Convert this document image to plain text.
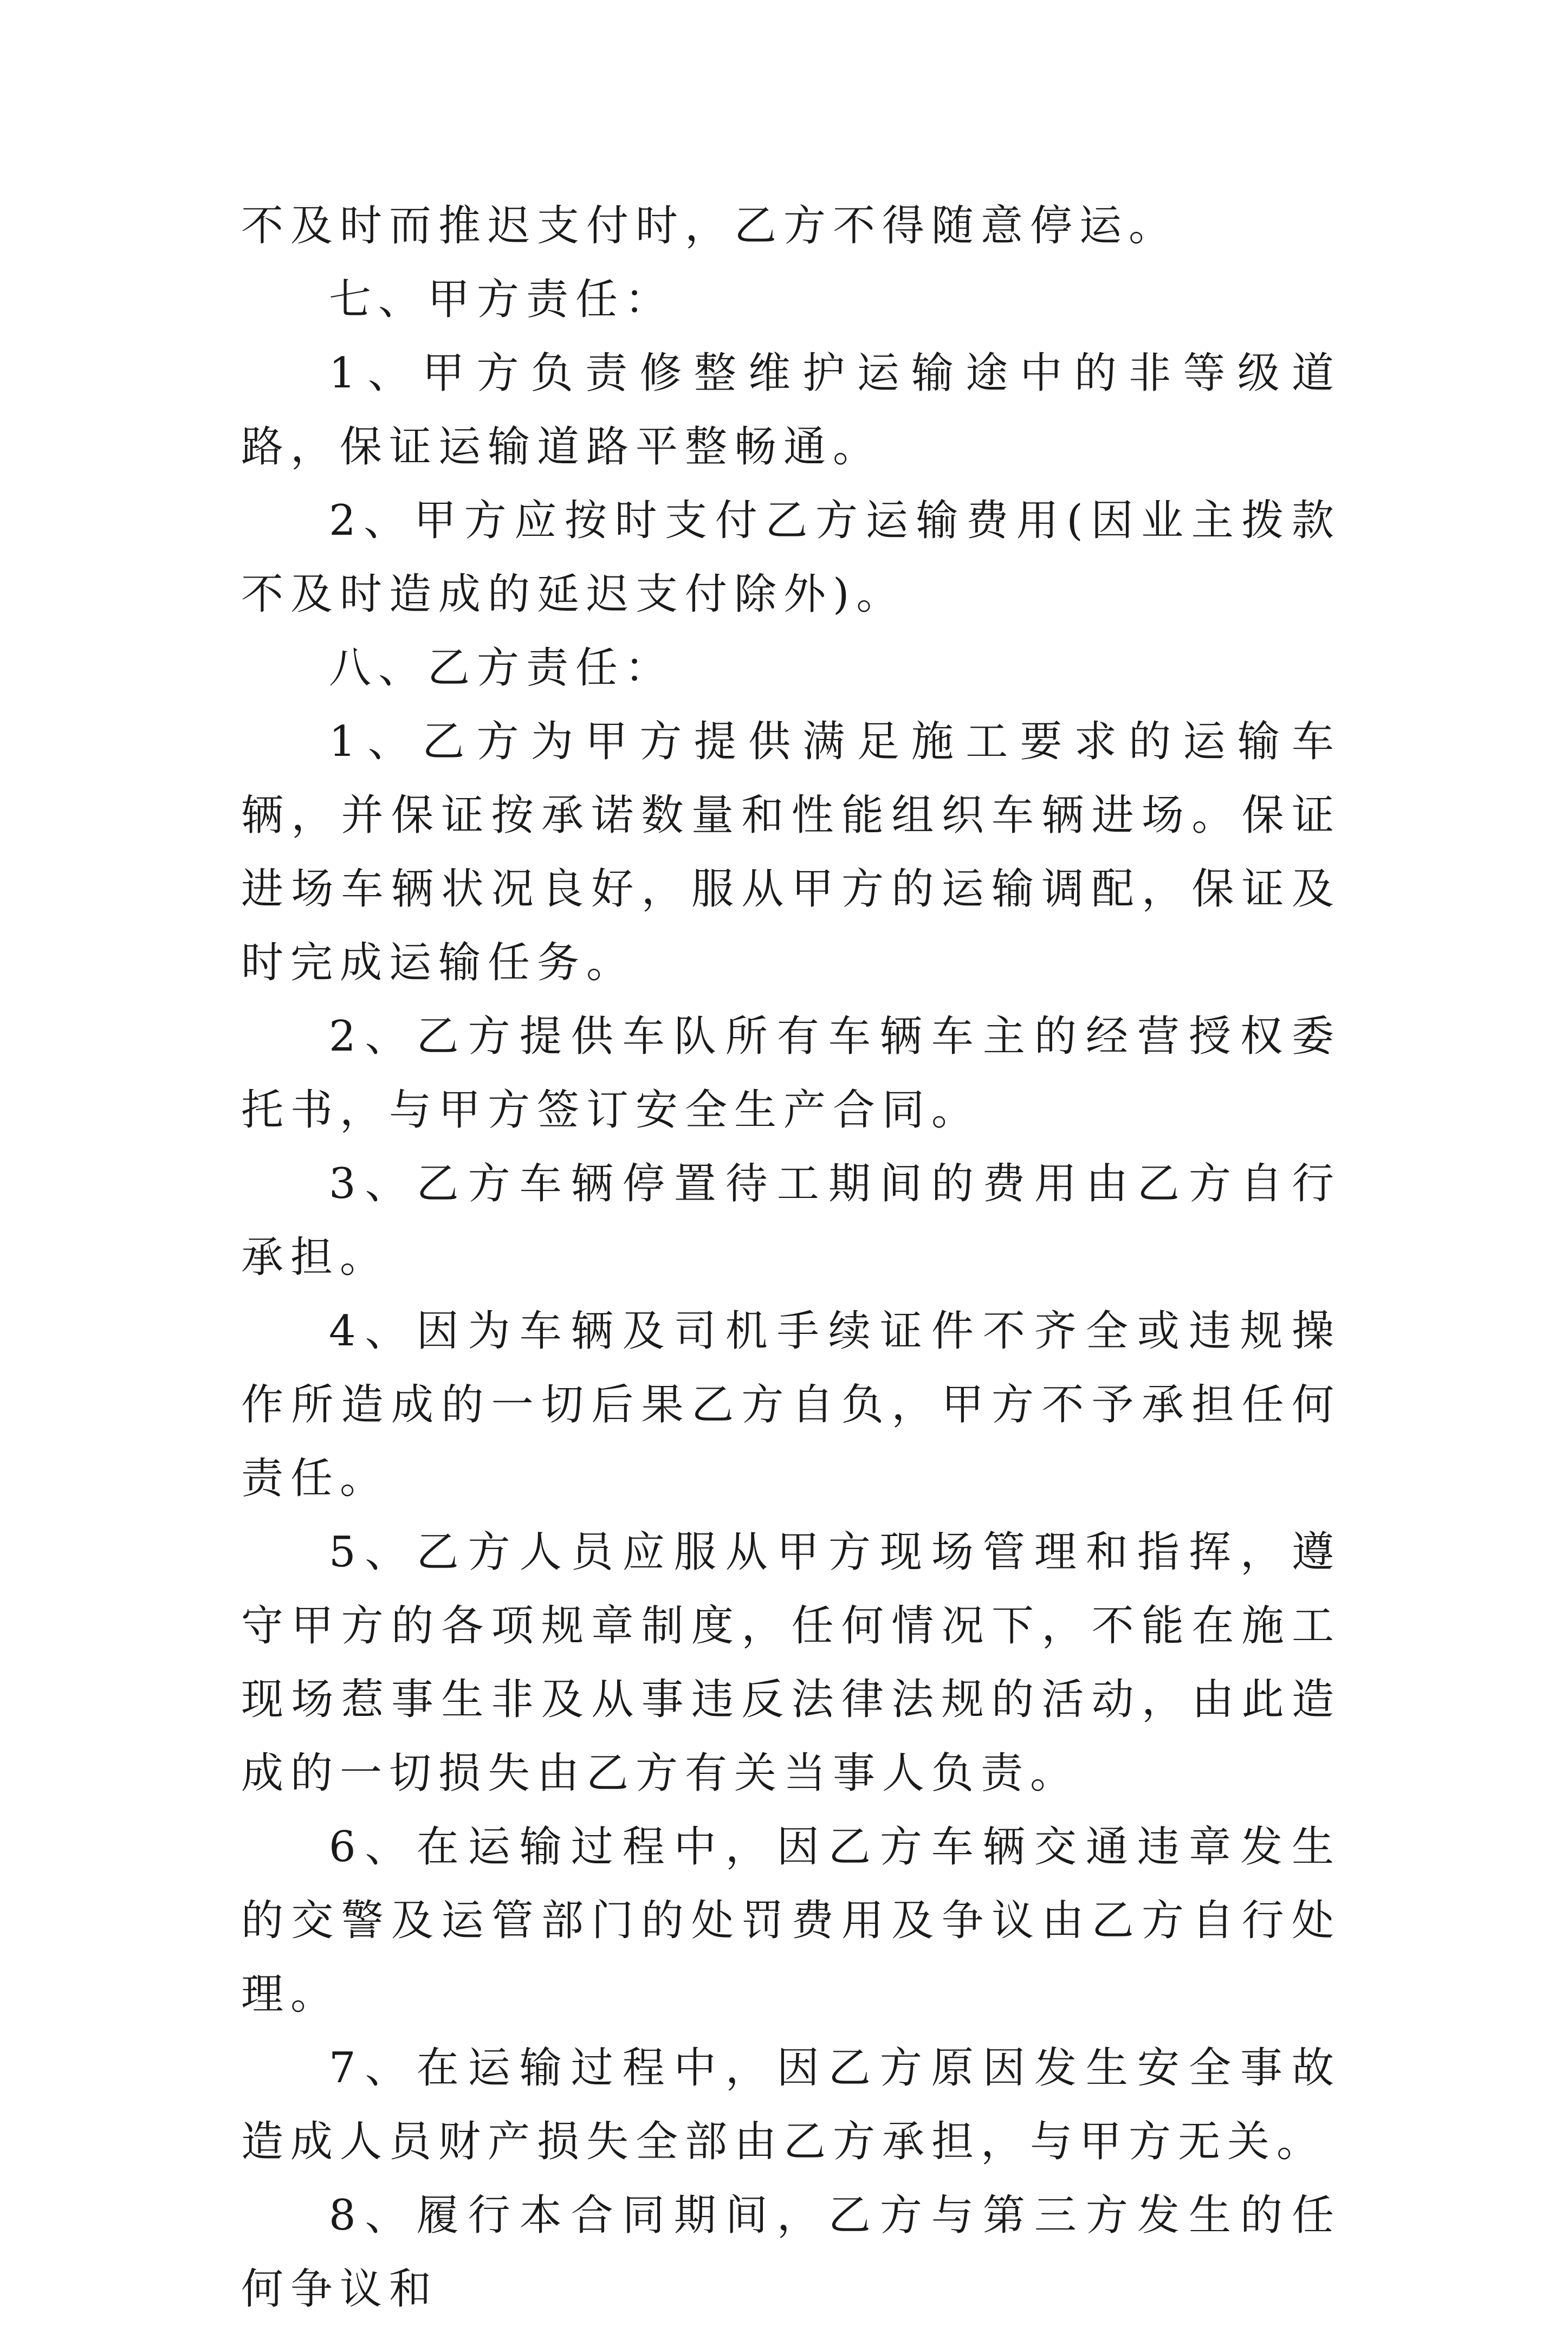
不及时而推迟支付时，乙方不得随意停运。

七、甲方责任：

1、甲方负责修整维护运输途中的非等级道路，保证运输道路平整畅通。

2、甲方应按时支付乙方运输费用(因业主拨款不及时造成的延迟支付除外)。

八、乙方责任：

1、乙方为甲方提供满足施工要求的运输车辆，并保证按承诺数量和性能组织车辆进场。保证进场车辆状况良好，服从甲方的运输调配，保证及时完成运输任务。

2、乙方提供车队所有车辆车主的经营授权委托书，与甲方签订安全生产合同。

3、乙方车辆停置待工期间的费用由乙方自行承担。

4、因为车辆及司机手续证件不齐全或违规操作所造成的一切后果乙方自负，甲方不予承担任何责任。

5、乙方人员应服从甲方现场管理和指挥，遵守甲方的各项规章制度，任何情况下，不能在施工现场惹事生非及从事违反法律法规的活动，由此造成的一切损失由乙方有关当事人负责。

6、在运输过程中，因乙方车辆交通违章发生的交警及运管部门的处罚费用及争议由乙方自行处理。

7、在运输过程中，因乙方原因发生安全事故造成人员财产损失全部由乙方承担，与甲方无关。

8、履行本合同期间，乙方与第三方发生的任何争议和
